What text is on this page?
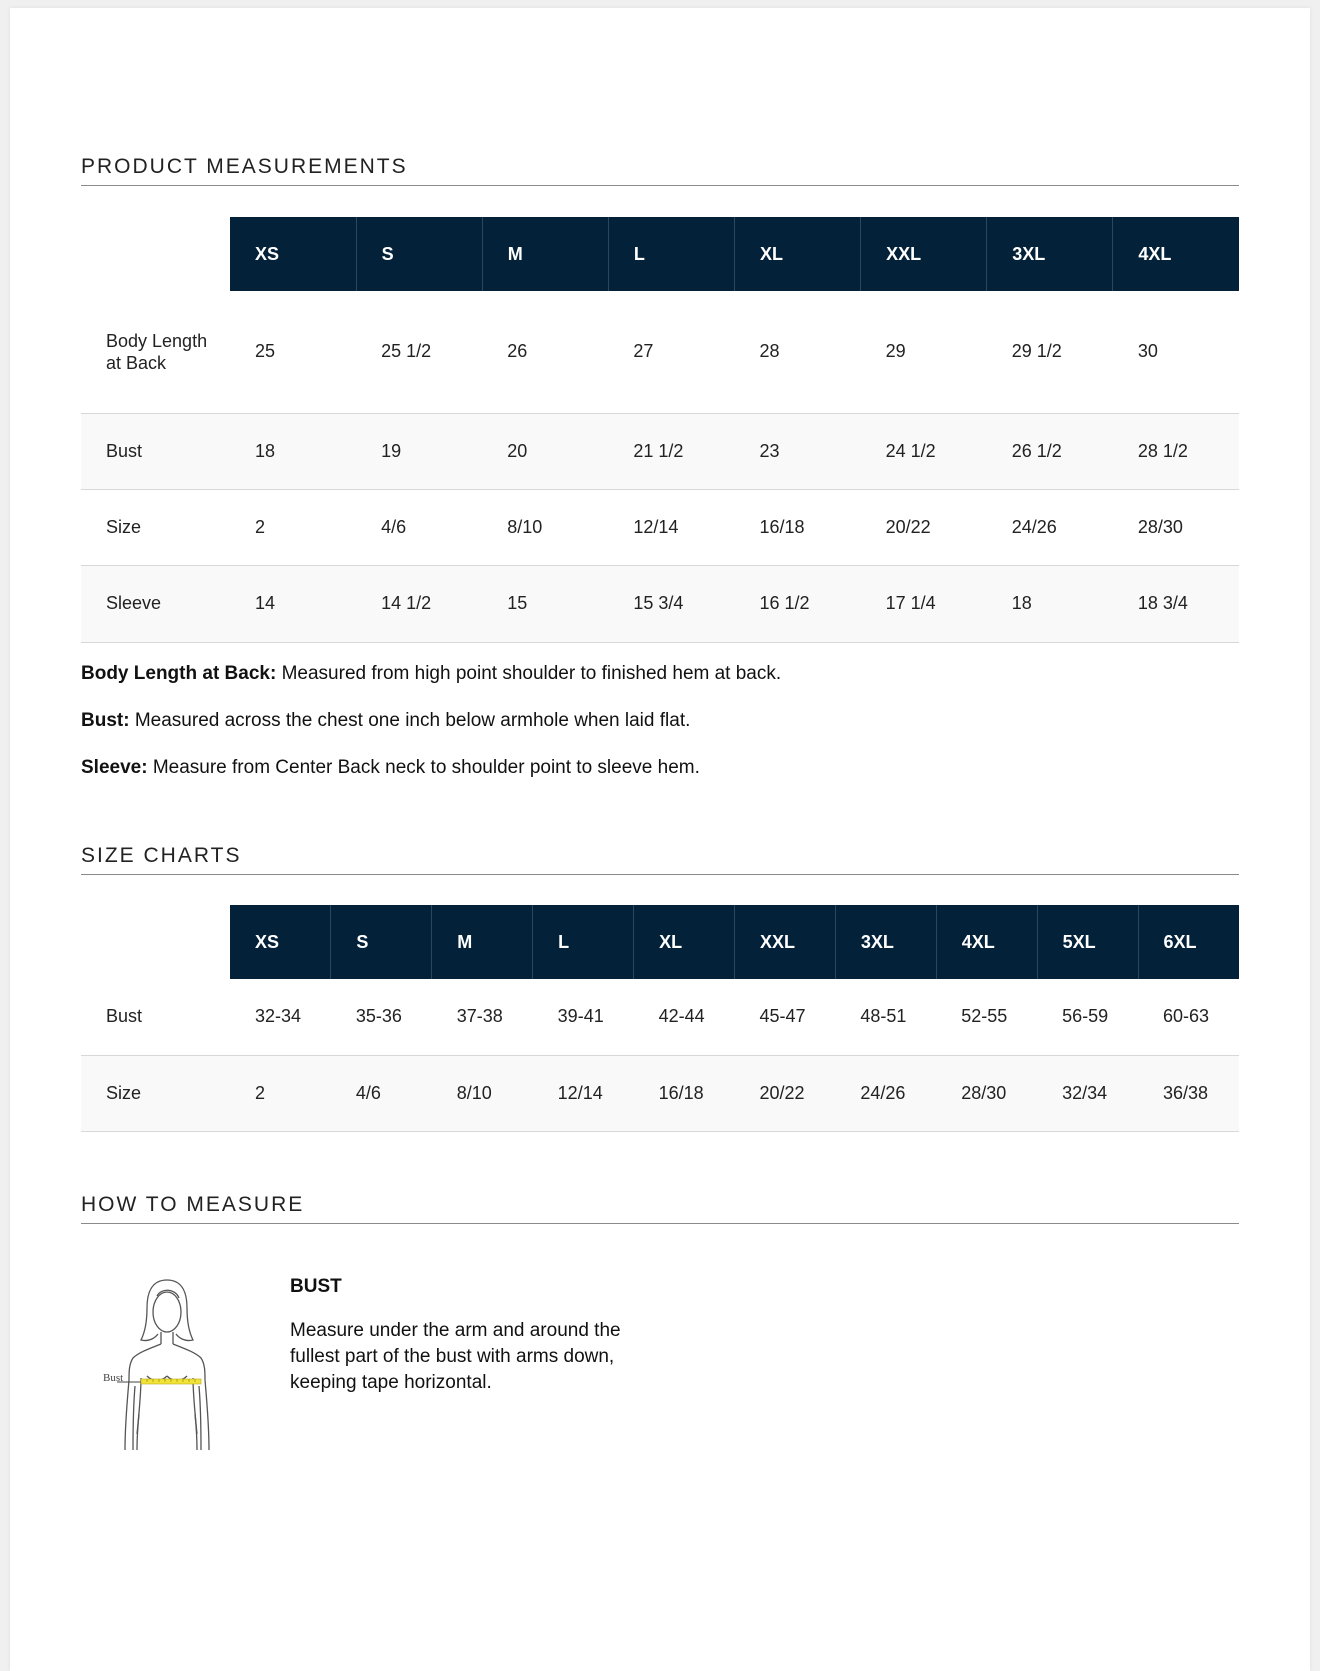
PRODUCT MEASUREMENTS
	XS	S	M	L	XL	XXL	3XL	4XL
Body Length at Back	25	25 1/2	26	27	28	29	29 1/2	30
Bust	18	19	20	21 1/2	23	24 1/2	26 1/2	28 1/2
Size	2	4/6	8/10	12/14	16/18	20/22	24/26	28/30
Sleeve	14	14 1/2	15	15 3/4	16 1/2	17 1/4	18	18 3/4

Body Length at Back: Measured from high point shoulder to finished hem at back.

Bust: Measured across the chest one inch below armhole when laid flat.

Sleeve: Measure from Center Back neck to shoulder point to sleeve hem.

SIZE CHARTS
	XS	S	M	L	XL	XXL	3XL	4XL	5XL	6XL
Bust	32-34	35-36	37-38	39-41	42-44	45-47	48-51	52-55	56-59	60-63
Size	2	4/6	8/10	12/14	16/18	20/22	24/26	28/30	32/34	36/38
HOW TO MEASURE
Bust

BUST

Measure under the arm and around the fullest part of the bust with arms down, keeping tape horizontal.
